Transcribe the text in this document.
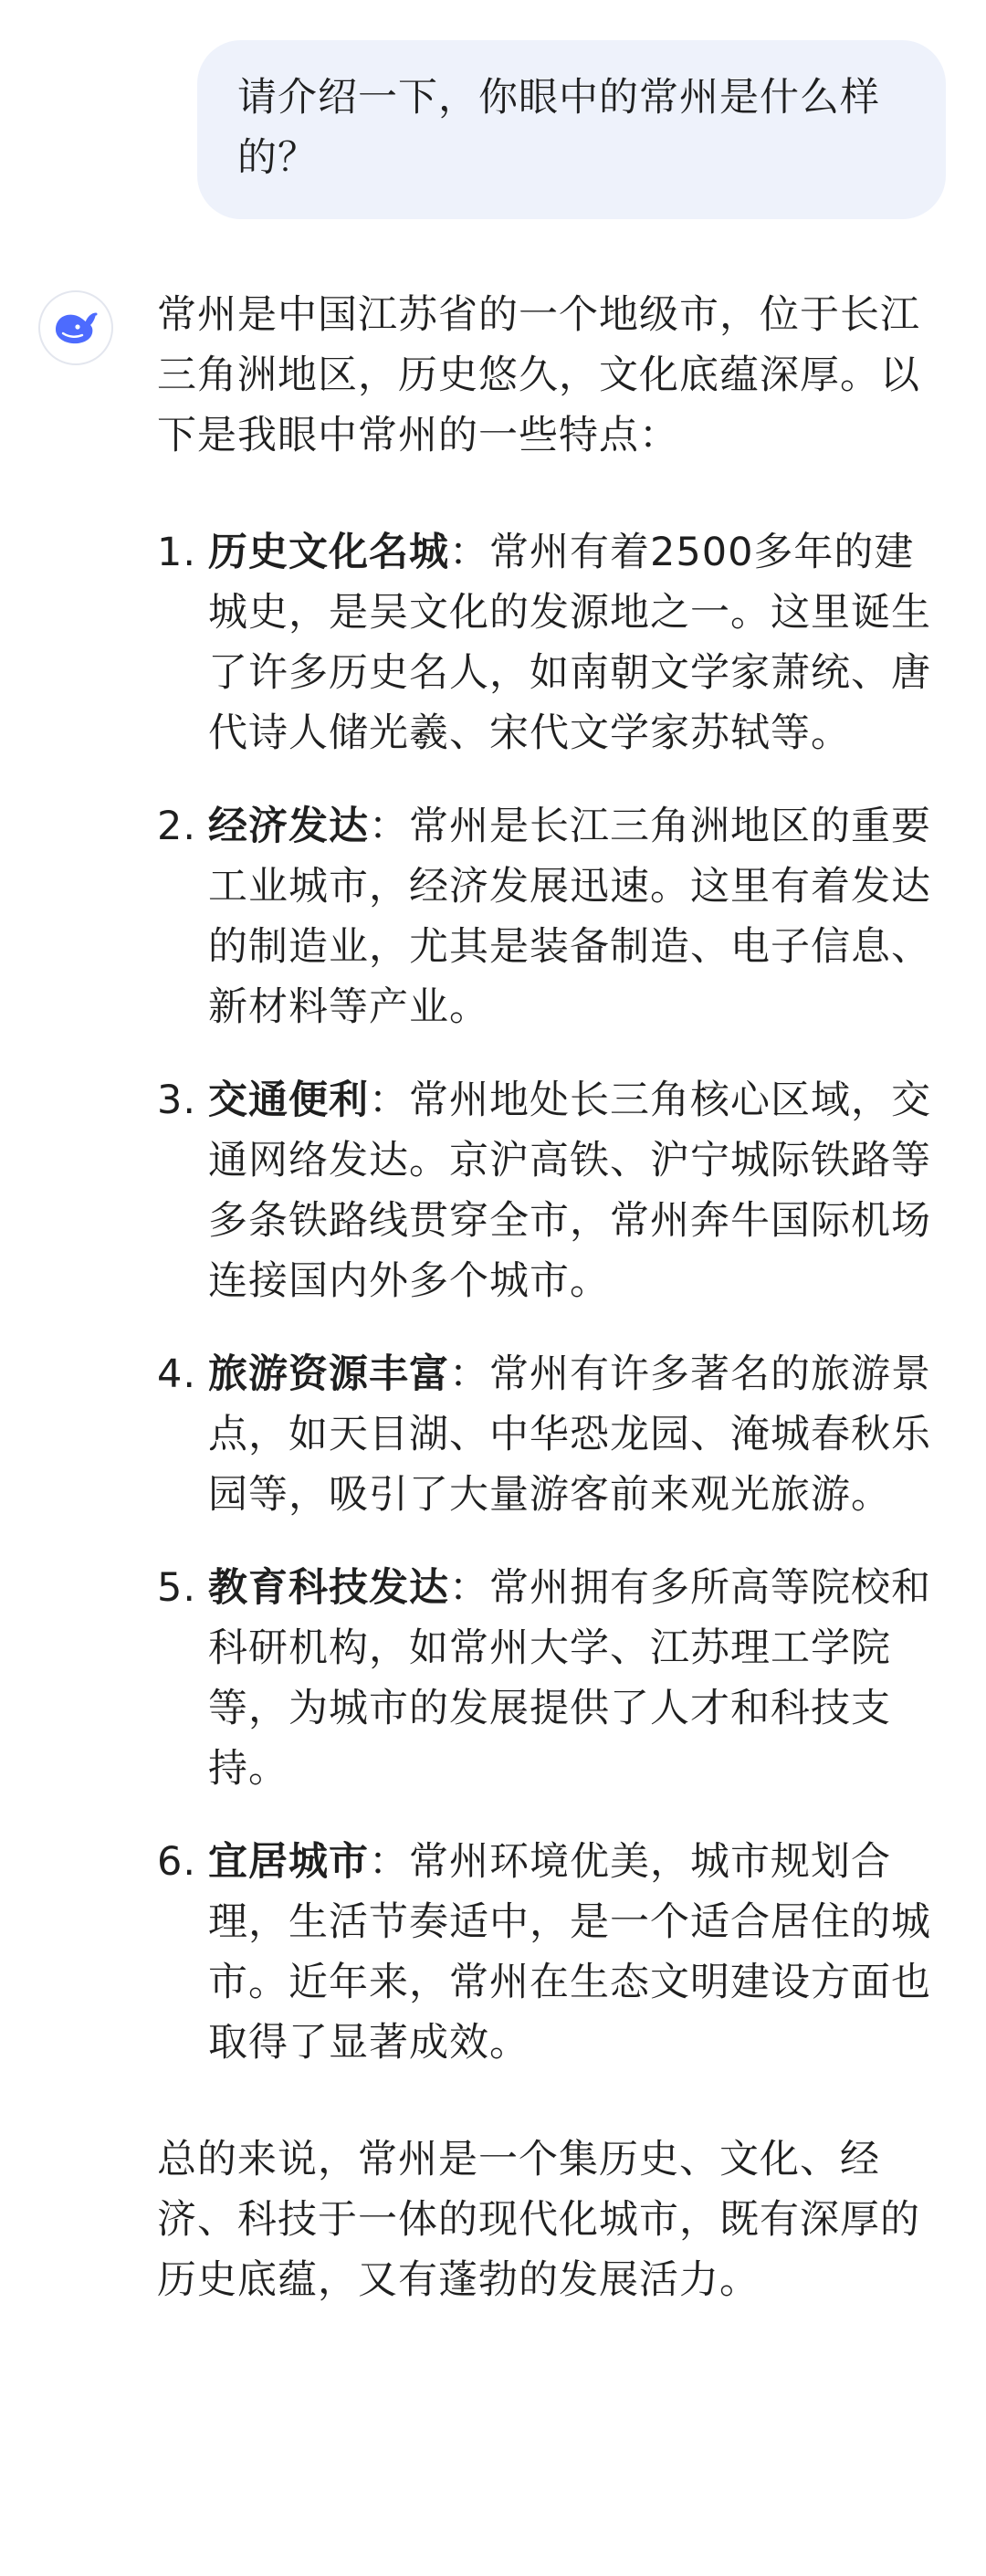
请介绍一下，你眼中的常州是什么样的？

常州是中国江苏省的一个地级市，位于长江三角洲地区，历史悠久，文化底蕴深厚。以下是我眼中常州的一些特点：

1. 历史文化名城：常州有着2500多年的建城史，是吴文化的发源地之一。这里诞生了许多历史名人，如南朝文学家萧统、唐代诗人储光羲、宋代文学家苏轼等。
2. 经济发达：常州是长江三角洲地区的重要工业城市，经济发展迅速。这里有着发达的制造业，尤其是装备制造、电子信息、新材料等产业。
3. 交通便利：常州地处长三角核心区域，交通网络发达。京沪高铁、沪宁城际铁路等多条铁路线贯穿全市，常州奔牛国际机场连接国内外多个城市。
4. 旅游资源丰富：常州有许多著名的旅游景点，如天目湖、中华恐龙园、淹城春秋乐园等，吸引了大量游客前来观光旅游。
5. 教育科技发达：常州拥有多所高等院校和科研机构，如常州大学、江苏理工学院等，为城市的发展提供了人才和科技支持。
6. 宜居城市：常州环境优美，城市规划合理，生活节奏适中，是一个适合居住的城市。近年来，常州在生态文明建设方面也取得了显著成效。

总的来说，常州是一个集历史、文化、经济、科技于一体的现代化城市，既有深厚的历史底蕴，又有蓬勃的发展活力。
